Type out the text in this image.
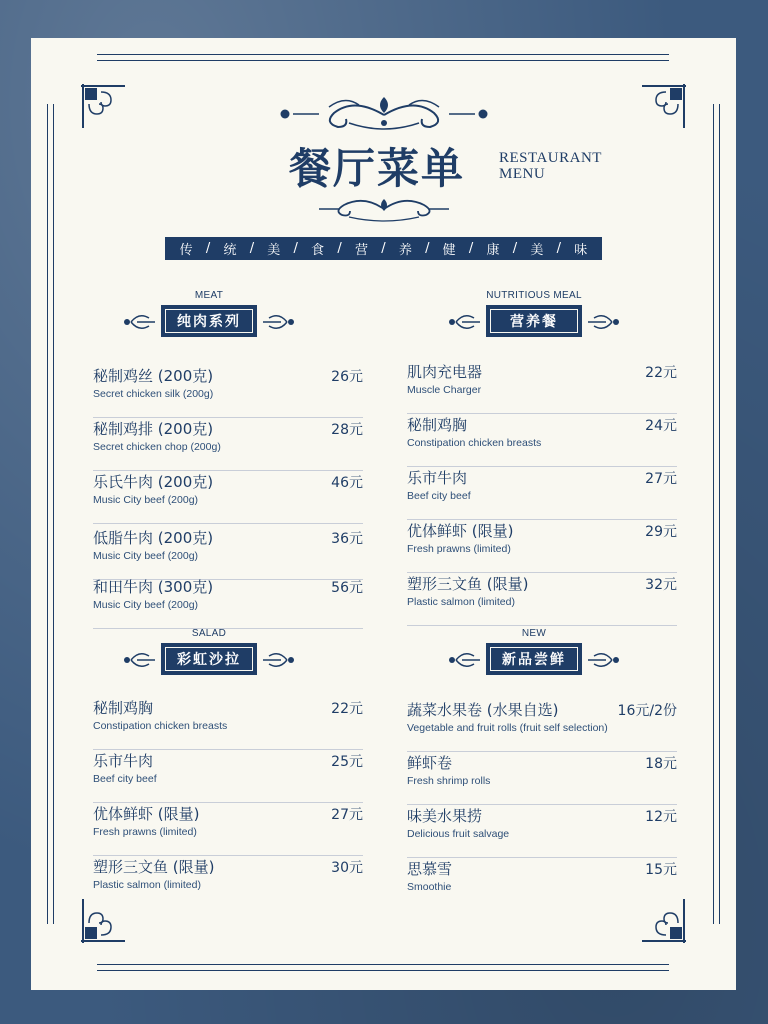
餐厅菜单 RESTAURANT
MENU
传 / 统 / 美 / 食 / 营 / 养 / 健 / 康 / 美 / 味
MEAT
纯肉系列
NUTRITIOUS MEAL
营养餐
秘制鸡丝 (200克)
Secret chicken silk (200g)
26元
秘制鸡排 (200克)
Secret chicken chop (200g)
28元
乐氏牛肉 (200克)
Music City beef (200g)
46元
低脂牛肉 (200克)
Music City beef (200g)
36元
和田牛肉 (300克)
Music City beef (200g)
56元
肌肉充电器
Muscle Charger
22元
秘制鸡胸
Constipation chicken breasts
24元
乐市牛肉
Beef city beef
27元
优体鲜虾 (限量)
Fresh prawns (limited)
29元
塑形三文鱼 (限量)
Plastic salmon (limited)
32元
SALAD
彩虹沙拉
NEW
新品尝鲜
秘制鸡胸
Constipation chicken breasts
22元
乐市牛肉
Beef city beef
25元
优体鲜虾 (限量)
Fresh prawns (limited)
27元
塑形三文鱼 (限量)
Plastic salmon (limited)
30元
蔬菜水果卷 (水果自选)
Vegetable and fruit rolls (fruit self selection)
16元/2份
鲜虾卷
Fresh shrimp rolls
18元
味美水果捞
Delicious fruit salvage
12元
思慕雪
Smoothie
15元
